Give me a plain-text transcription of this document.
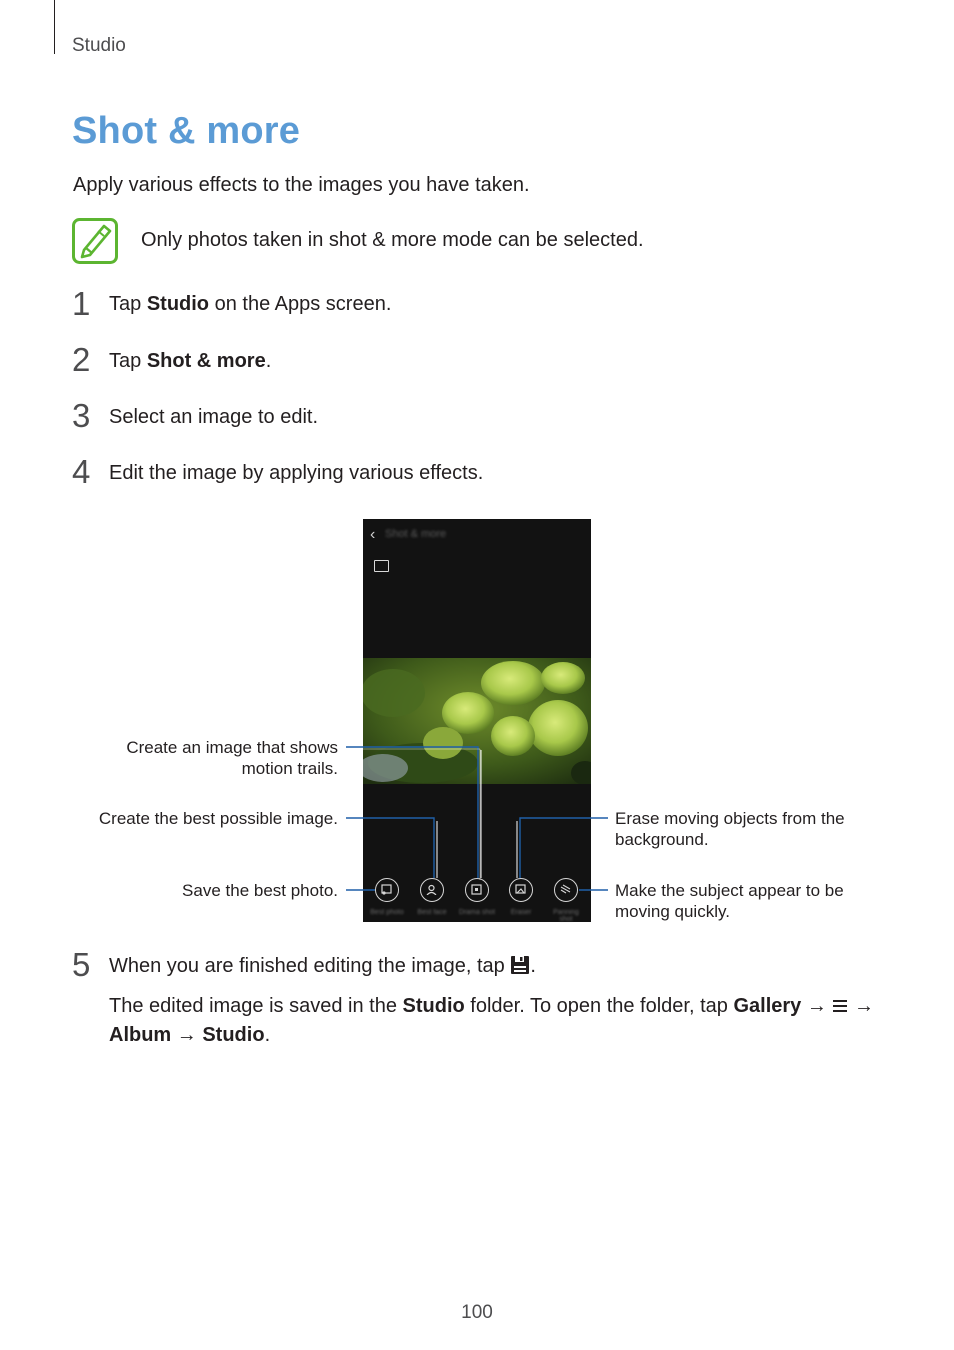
Studio
Shot & more
Apply various effects to the images you have taken.
Only photos taken in shot & more mode can be selected.
1 Tap Studio on the Apps screen.
2 Tap Shot & more.
3 Select an image to edit.
4 Edit the image by applying various effects.
‹ Shot & more
Best photo	Best face	Drama shot	Eraser	Panning shot
Create an image that shows
motion trails.
Create the best possible image.
Save the best photo.
Erase moving objects from the
background.
Make the subject appear to be
moving quickly.
5 When you are finished editing the image, tap .
The edited image is saved in the Studio folder. To open the folder, tap Gallery → →
Album → Studio.
100
